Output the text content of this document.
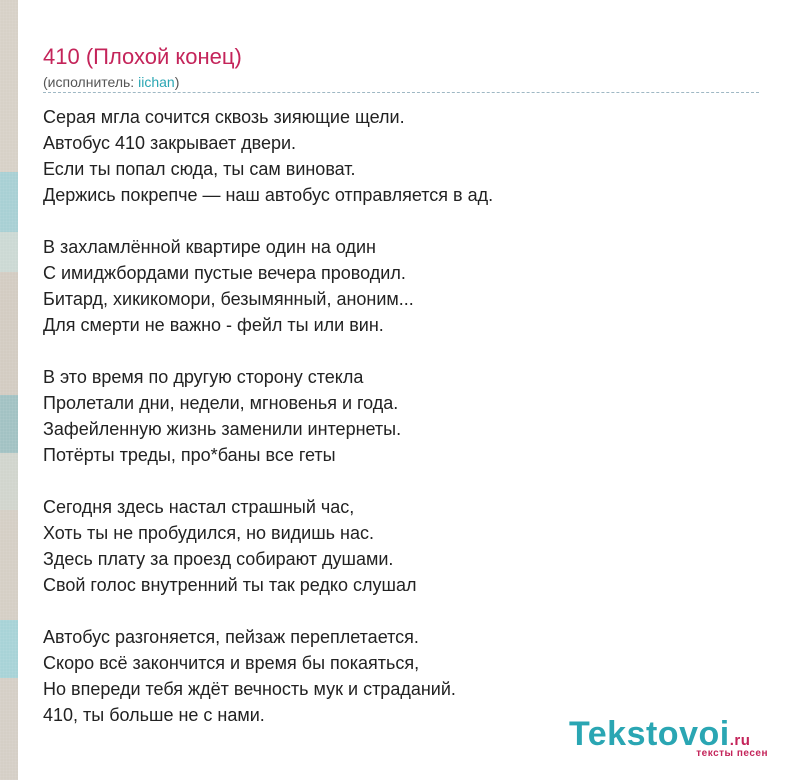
410 (Плохой конец)
(исполнитель: iichan)

Серая мгла сочится сквозь зияющие щели.
Автобус 410 закрывает двери.
Если ты попал сюда, ты сам виноват.
Держись покрепче — наш автобус отправляется в ад.

В захламлённой квартире один на один
С имиджбордами пустые вечера проводил.
Битард, хикикомори, безымянный, аноним...
Для смерти не важно - фейл ты или вин.

В это время по другую сторону стекла
Пролетали дни, недели, мгновенья и года.
Зафейленную жизнь заменили интернеты.
Потёрты треды, про*баны все геты

Сегодня здесь настал страшный час,
Хоть ты не пробудился, но видишь нас.
Здесь плату за проезд собирают душами.
Свой голос внутренний ты так редко слушал

Автобус разгоняется, пейзаж переплетается.
Скоро всё закончится и время бы покаяться,
Но впереди тебя ждёт вечность мук и страданий.
410, ты больше не с нами.	Tekstovoi.ru
тексты песен
